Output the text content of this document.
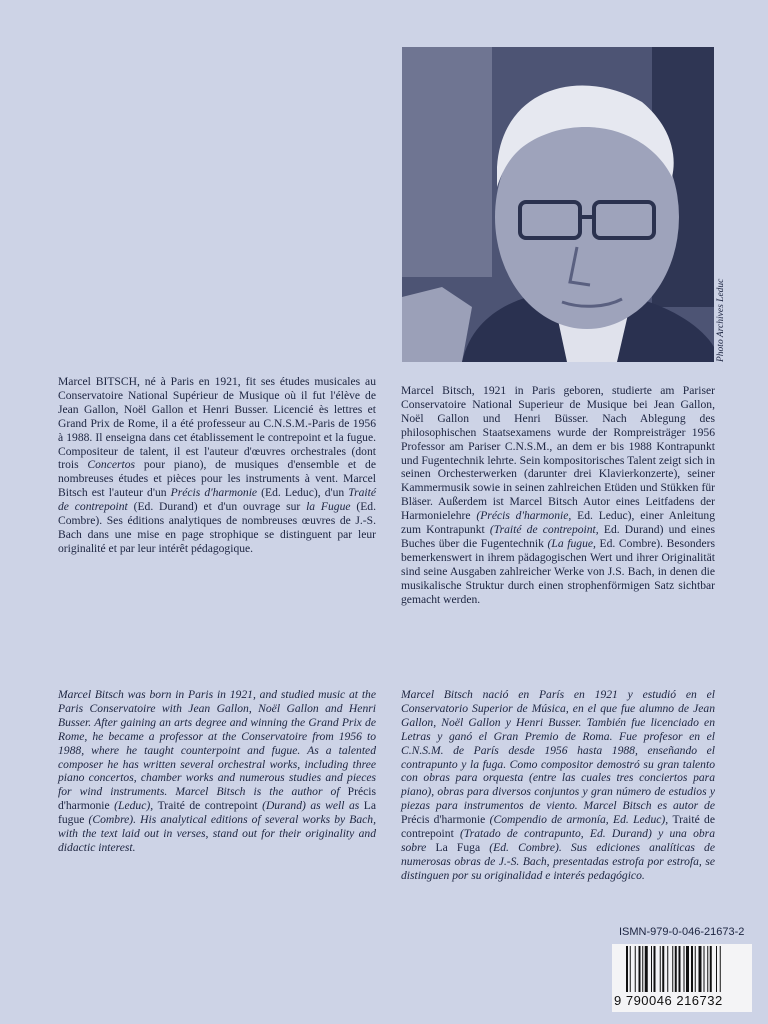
Photo Archives Leduc

Marcel BITSCH, né à Paris en 1921, fit ses études musicales au Conservatoire National Supérieur de Musique où il fut l'élève de Jean Gallon, Noël Gallon et Henri Busser. Licencié ès lettres et Grand Prix de Rome, il a été professeur au C.N.S.M.-Paris de 1956 à 1988. Il enseigna dans cet établissement le contrepoint et la fugue. Compositeur de talent, il est l'auteur d'œuvres orchestrales (dont trois Concertos pour piano), de musiques d'ensemble et de nombreuses études et pièces pour les instruments à vent. Marcel Bitsch est l'auteur d'un Précis d'harmonie (Ed. Leduc), d'un Traité de contrepoint (Ed. Durand) et d'un ouvrage sur la Fugue (Ed. Combre). Ses éditions analytiques de nombreuses œuvres de J.-S. Bach dans une mise en page strophique se distinguent par leur originalité et par leur intérêt pédagogique.

Marcel Bitsch, 1921 in Paris geboren, studierte am Pariser Conservatoire National Superieur de Musique bei Jean Gallon, Noël Gallon und Henri Büsser. Nach Ablegung des philosophischen Staatsexamens wurde der Rompreisträger 1956 Professor am Pariser C.N.S.M., an dem er bis 1988 Kontrapunkt und Fugentechnik lehrte. Sein kompositorisches Talent zeigt sich in seinen Orchesterwerken (darunter drei Klavierkonzerte), seiner Kammermusik sowie in seinen zahlreichen Etüden und Stükken für Bläser. Außerdem ist Marcel Bitsch Autor eines Leitfadens der Harmonielehre (Précis d'harmonie, Ed. Leduc), einer Anleitung zum Kontrapunkt (Traité de contrepoint, Ed. Durand) und eines Buches über die Fugentechnik (La fugue, Ed. Combre). Besonders bemerkenswert in ihrem pädagogischen Wert und ihrer Originalität sind seine Ausgaben zahlreicher Werke von J.S. Bach, in denen die musikalische Struktur durch einen strophenförmigen Satz sichtbar gemacht werden.

Marcel Bitsch was born in Paris in 1921, and studied music at the Paris Conservatoire with Jean Gallon, Noël Gallon and Henri Busser. After gaining an arts degree and winning the Grand Prix de Rome, he became a professor at the Conservatoire from 1956 to 1988, where he taught counterpoint and fugue. As a talented composer he has written several orchestral works, including three piano concertos, chamber works and numerous studies and pieces for wind instruments. Marcel Bitsch is the author of Précis d'harmonie (Leduc), Traité de contrepoint (Durand) as well as La fugue (Combre). His analytical editions of several works by Bach, with the text laid out in verses, stand out for their originality and didactic interest.

Marcel Bitsch nació en París en 1921 y estudió en el Conservatorio Superior de Música, en el que fue alumno de Jean Gallon, Noël Gallon y Henri Busser. También fue licenciado en Letras y ganó el Gran Premio de Roma. Fue profesor en el C.N.S.M. de París desde 1956 hasta 1988, enseñando el contrapunto y la fuga. Como compositor demostró su gran talento con obras para orquesta (entre las cuales tres conciertos para piano), obras para diversos conjuntos y gran número de estudios y piezas para instrumentos de viento. Marcel Bitsch es autor de Précis d'harmonie (Compendio de armonía, Ed. Leduc), Traité de contrepoint (Tratado de contrapunto, Ed. Durand) y una obra sobre La Fuga (Ed. Combre). Sus ediciones analíticas de numerosas obras de J.-S. Bach, presentadas estrofa por estrofa, se distinguen por su originalidad e interés pedagógico.

ISMN-979-0-046-21673-2
9 790046 216732
